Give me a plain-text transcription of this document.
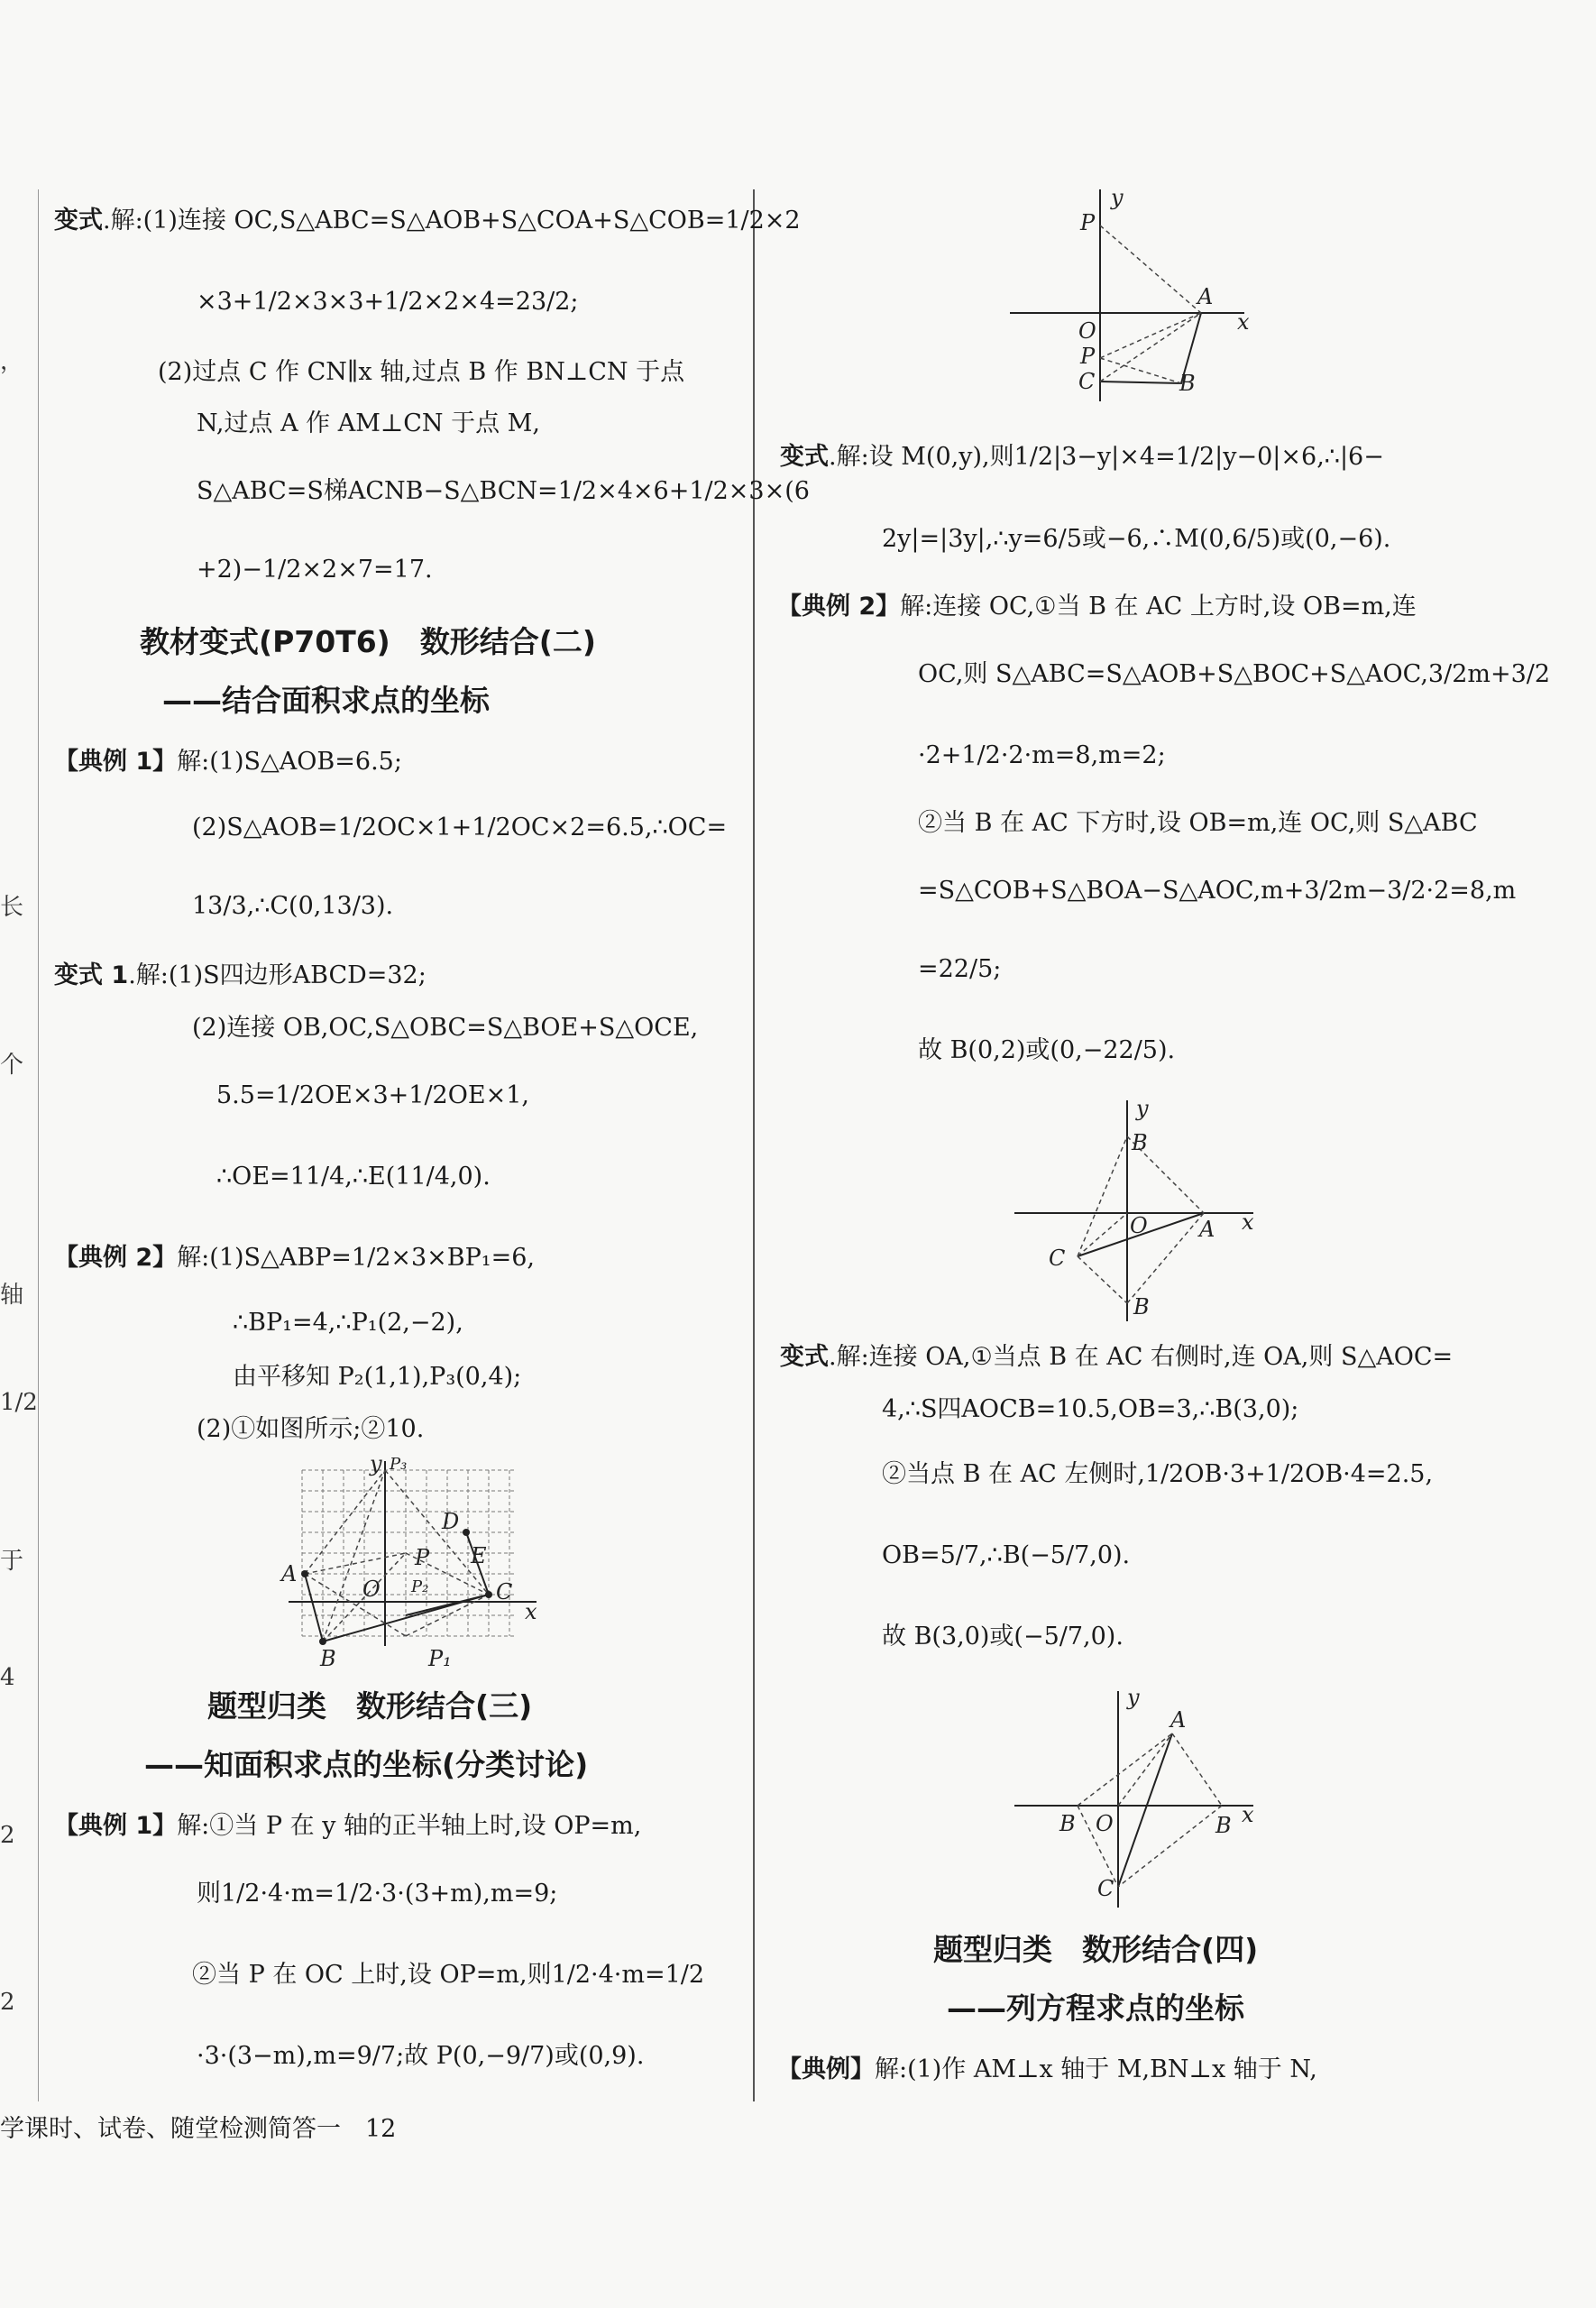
，
长
个
轴
1/2
于
4
2
2
变式.解:(1)连接 OC,S△ABC=S△AOB+S△COA+S△COB=1/2×2
×3+1/2×3×3+1/2×2×4=23/2;
(2)过点 C 作 CN∥x 轴,过点 B 作 BN⊥CN 于点
N,过点 A 作 AM⊥CN 于点 M,
S△ABC=S梯ACNB−S△BCN=1/2×4×6+1/2×3×(6
+2)−1/2×2×7=17.
教材变式(P70T6)　数形结合(二)
——结合面积求点的坐标
【典例 1】解:(1)S△AOB=6.5;
(2)S△AOB=1/2OC×1+1/2OC×2=6.5,∴OC=
13/3,∴C(0,13/3).
变式 1.解:(1)S四边形ABCD=32;
(2)连接 OB,OC,S△OBC=S△BOE+S△OCE,
5.5=1/2OE×3+1/2OE×1,
∴OE=11/4,∴E(11/4,0).
【典例 2】解:(1)S△ABP=1/2×3×BP₁=6,
∴BP₁=4,∴P₁(2,−2),
由平移知 P₂(1,1),P₃(0,4);
(2)①如图所示;②10.
y P₃
D
E
P
P₂
A
O	C
x
B	P₁
题型归类　数形结合(三)
——知面积求点的坐标(分类讨论)
【典例 1】解:①当 P 在 y 轴的正半轴上时,设 OP=m,
则1/2·4·m=1/2·3·(3+m),m=9;
②当 P 在 OC 上时,设 OP=m,则1/2·4·m=1/2
·3·(3−m),m=9/7;故 P(0,−9/7)或(0,9).
y
P
O
A
x
P
C	B
变式.解:设 M(0,y),则1/2|3−y|×4=1/2|y−0|×6,∴|6−
2y|=|3y|,∴y=6/5或−6,∴M(0,6/5)或(0,−6).
【典例 2】解:连接 OC,①当 B 在 AC 上方时,设 OB=m,连
OC,则 S△ABC=S△AOB+S△BOC+S△AOC,3/2m+3/2
·2+1/2·2·m=8,m=2;
②当 B 在 AC 下方时,设 OB=m,连 OC,则 S△ABC
=S△COB+S△BOA−S△AOC,m+3/2m−3/2·2=8,m
=22/5;
故 B(0,2)或(0,−22/5).
y
B
O A x
C
B
变式.解:连接 OA,①当点 B 在 AC 右侧时,连 OA,则 S△AOC=
4,∴S四AOCB=10.5,OB=3,∴B(3,0);
②当点 B 在 AC 左侧时,1/2OB·3+1/2OB·4=2.5,
OB=5/7,∴B(−5/7,0).
故 B(3,0)或(−5/7,0).
y
A
B O	B x
C
题型归类　数形结合(四)
——列方程求点的坐标
【典例】解:(1)作 AM⊥x 轴于 M,BN⊥x 轴于 N,
学课时、试卷、随堂检测简答一　12
